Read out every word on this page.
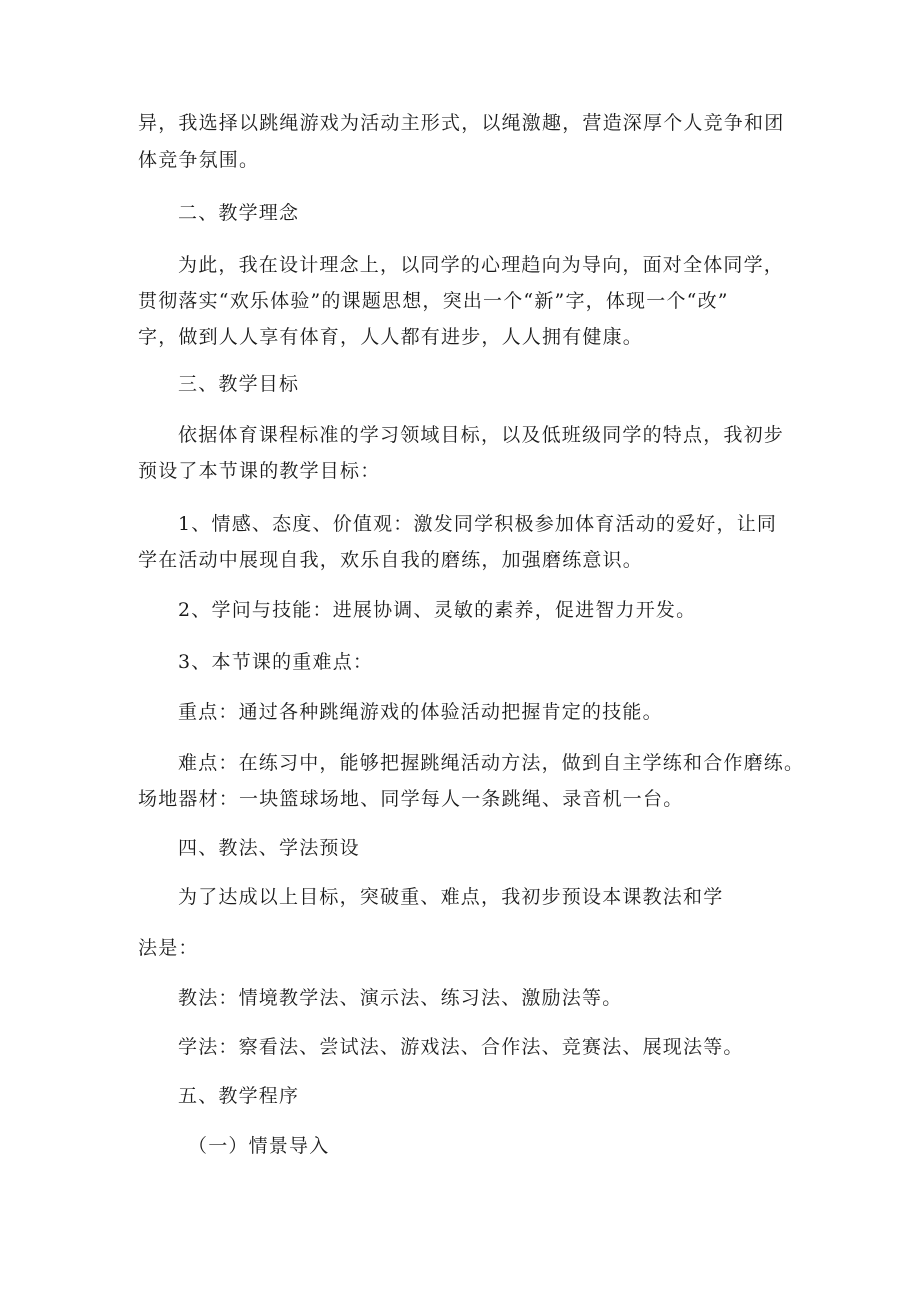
异，我选择以跳绳游戏为活动主形式，以绳激趣，营造深厚个人竞争和团
体竞争氛围。
二、教学理念
为此，我在设计理念上，以同学的心理趋向为导向，面对全体同学，
贯彻落实“欢乐体验”的课题思想，突出一个“新”字，体现一个“改”
字，做到人人享有体育，人人都有进步，人人拥有健康。
三、教学目标
依据体育课程标准的学习领域目标，以及低班级同学的特点，我初步
预设了本节课的教学目标：
1、情感、态度、价值观：激发同学积极参加体育活动的爱好，让同
学在活动中展现自我，欢乐自我的磨练，加强磨练意识。
2、学问与技能：进展协调、灵敏的素养，促进智力开发。
3、本节课的重难点：
重点：通过各种跳绳游戏的体验活动把握肯定的技能。
难点：在练习中，能够把握跳绳活动方法，做到自主学练和合作磨练。
场地器材：一块篮球场地、同学每人一条跳绳、录音机一台。
四、教法、学法预设
为了达成以上目标，突破重、难点，我初步预设本课教法和学
法是：
教法：情境教学法、演示法、练习法、激励法等。
学法：察看法、尝试法、游戏法、合作法、竞赛法、展现法等。
五、教学程序
（一）情景导入
